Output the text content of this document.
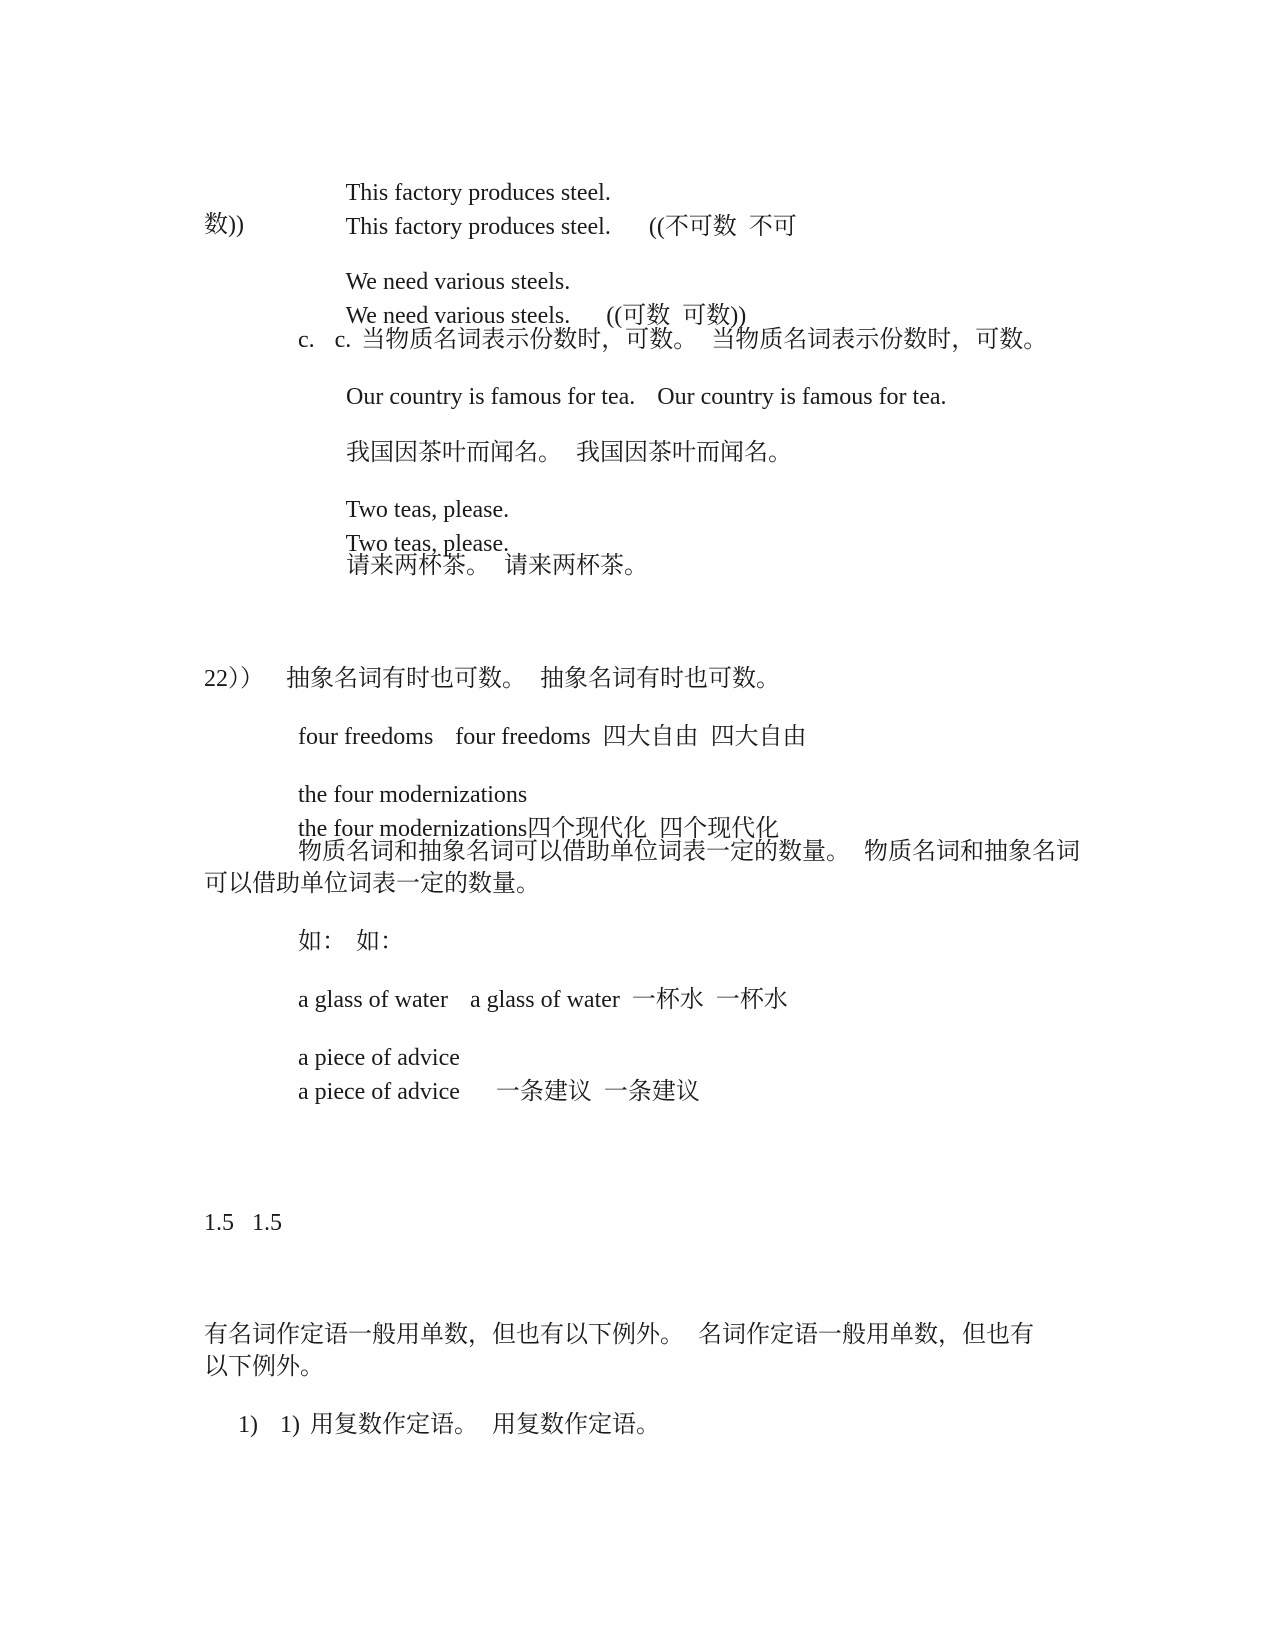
This factory produces steel.
This factory produces steel. ((不可数 不可

数))

We need various steels.
We need various steels. ((可数 可数))

c. c. 当物质名词表示份数时，可数。 当物质名词表示份数时，可数。

Our country is famous for tea. Our country is famous for tea.

我国因茶叶而闻名。 我国因茶叶而闻名。

Two teas, please.
Two teas, please.

请来两杯茶。 请来两杯茶。

22）） 抽象名词有时也可数。 抽象名词有时也可数。

four freedoms four freedoms 四大自由 四大自由

the four modernizations
the four modernizations四个现代化 四个现代化

物质名词和抽象名词可以借助单位词表一定的数量。 物质名词和抽象名词

可以借助单位词表一定的数量。

如： 如：

a glass of water a glass of water 一杯水 一杯水

a piece of advice
a piece of advice 一条建议 一条建议

1.5 1.5

有名词作定语一般用单数，但也有以下例外。 名词作定语一般用单数，但也有

以下例外。

1) 1) 用复数作定语。 用复数作定语。
